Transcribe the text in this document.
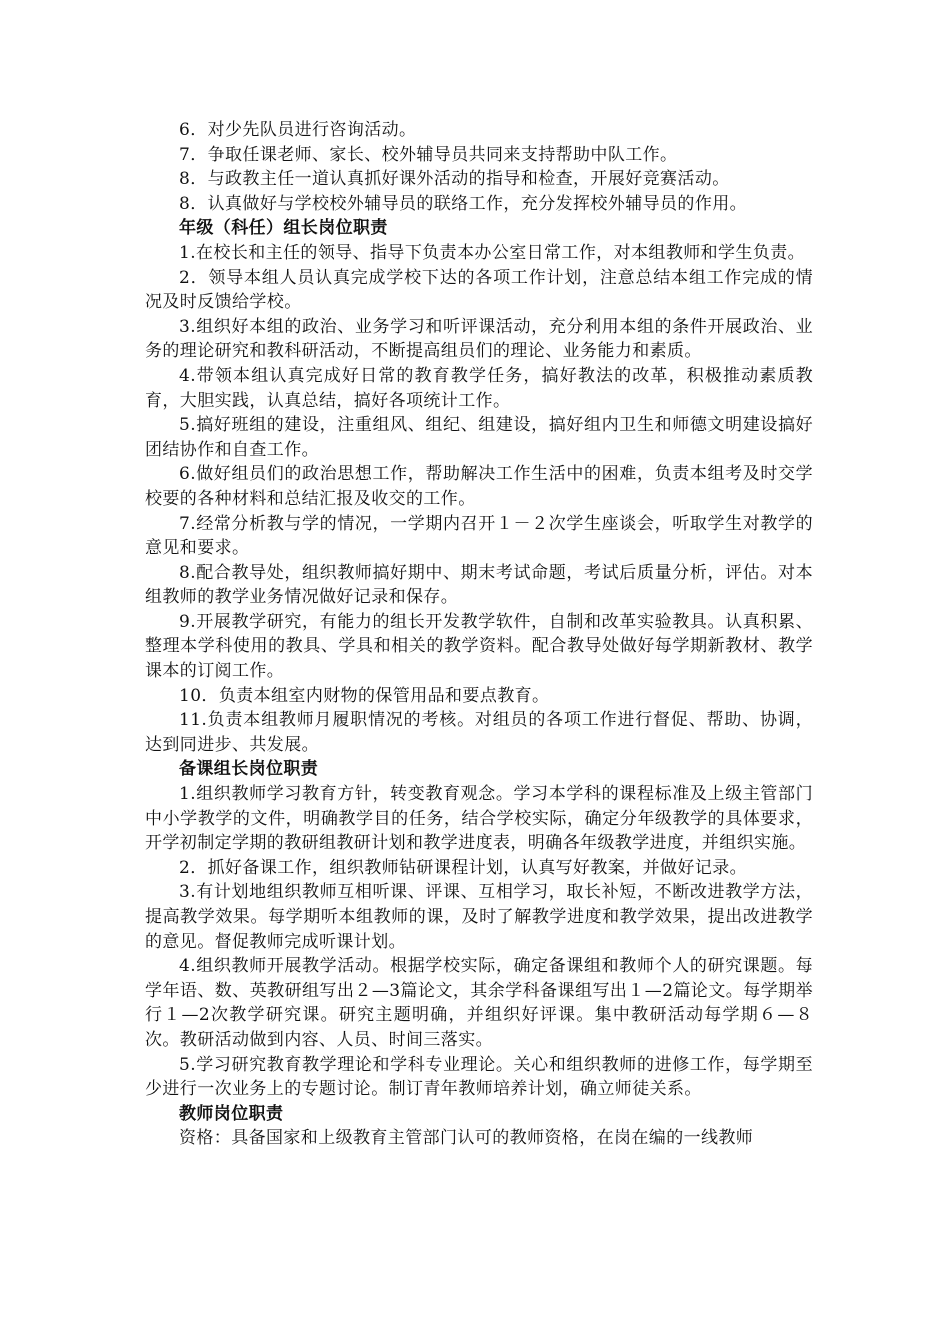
6．对少先队员进行咨询活动。

7．争取任课老师、家长、校外辅导员共同来支持帮助中队工作。

8．与政教主任一道认真抓好课外活动的指导和检查，开展好竞赛活动。

8．认真做好与学校校外辅导员的联络工作，充分发挥校外辅导员的作用。

年级（科任）组长岗位职责

1.在校长和主任的领导、指导下负责本办公室日常工作，对本组教师和学生负责。

2．领导本组人员认真完成学校下达的各项工作计划，注意总结本组工作完成的情况及时反馈给学校。

3.组织好本组的政治、业务学习和听评课活动，充分利用本组的条件开展政治、业务的理论研究和教科研活动，不断提高组员们的理论、业务能力和素质。

4.带领本组认真完成好日常的教育教学任务，搞好教法的改革，积极推动素质教育，大胆实践，认真总结，搞好各项统计工作。

5.搞好班组的建设，注重组风、组纪、组建设，搞好组内卫生和师德文明建设搞好团结协作和自查工作。

6.做好组员们的政治思想工作，帮助解决工作生活中的困难，负责本组考及时交学校要的各种材料和总结汇报及收交的工作。

7.经常分析教与学的情况，一学期内召开１－２次学生座谈会，听取学生对教学的意见和要求。

8.配合教导处，组织教师搞好期中、期末考试命题，考试后质量分析，评估。对本组教师的教学业务情况做好记录和保存。

9.开展教学研究，有能力的组长开发教学软件，自制和改革实验教具。认真积累、整理本学科使用的教具、学具和相关的教学资料。配合教导处做好每学期新教材、教学课本的订阅工作。

10．负责本组室内财物的保管用品和要点教育。

11.负责本组教师月履职情况的考核。对组员的各项工作进行督促、帮助、协调，达到同进步、共发展。

备课组长岗位职责

1.组织教师学习教育方针，转变教育观念。学习本学科的课程标准及上级主管部门中小学教学的文件，明确教学目的任务，结合学校实际，确定分年级教学的具体要求，开学初制定学期的教研组教研计划和教学进度表，明确各年级教学进度，并组织实施。

2．抓好备课工作，组织教师钻研课程计划，认真写好教案，并做好记录。

3.有计划地组织教师互相听课、评课、互相学习，取长补短，不断改进教学方法，提高教学效果。每学期听本组教师的课，及时了解教学进度和教学效果，提出改进教学的意见。督促教师完成听课计划。

4.组织教师开展教学活动。根据学校实际，确定备课组和教师个人的研究课题。每学年语、数、英教研组写出２—3篇论文，其余学科备课组写出１—2篇论文。每学期举行１—2次教学研究课。研究主题明确，并组织好评课。集中教研活动每学期６—８次。教研活动做到内容、人员、时间三落实。

5.学习研究教育教学理论和学科专业理论。关心和组织教师的进修工作，每学期至少进行一次业务上的专题讨论。制订青年教师培养计划，确立师徒关系。

教师岗位职责

资格：具备国家和上级教育主管部门认可的教师资格，在岗在编的一线教师
